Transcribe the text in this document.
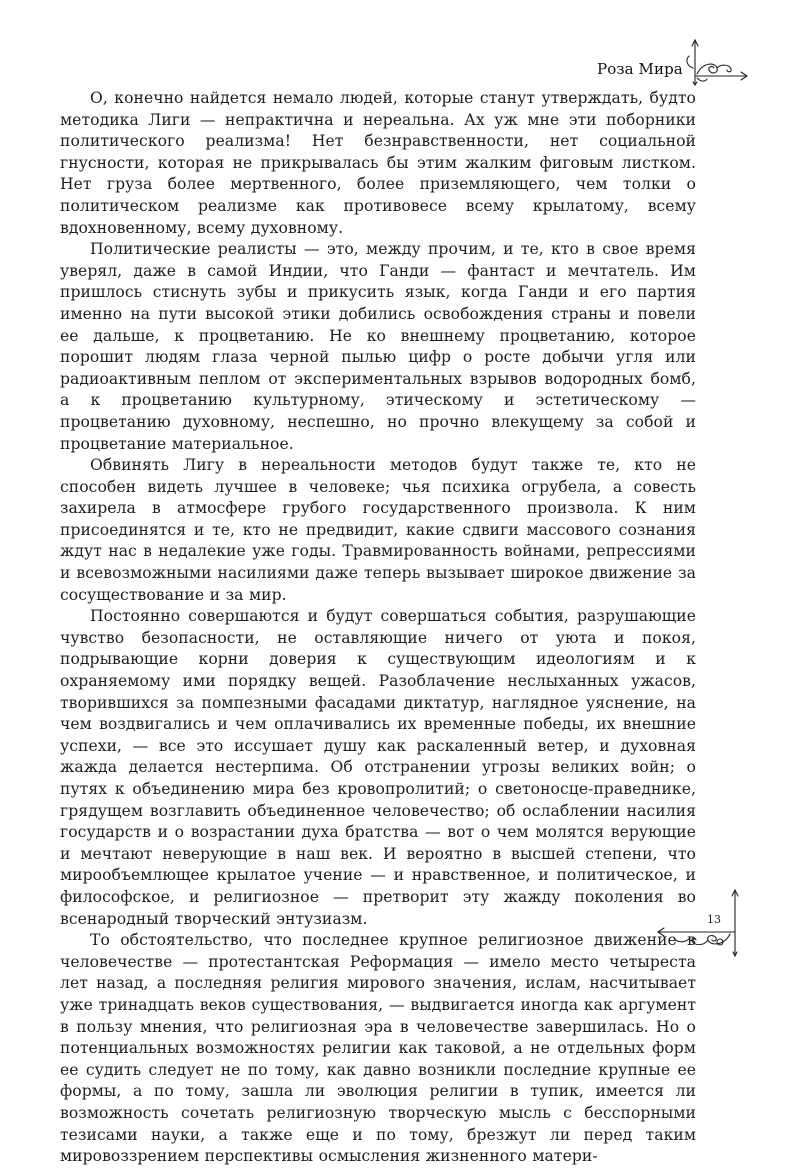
Роза Мира

О, конечно найдется немало людей, которые станут утверждать, будто методика Лиги — непрактична и нереальна. Ах уж мне эти поборники политического реализма! Нет безнравственности, нет социальной гнусности, которая не прикрывалась бы этим жалким фиговым листком. Нет груза более мертвенного, более приземляющего, чем толки о политическом реализме как противовесе всему крылатому, всему вдохновенному, всему духовному.

Политические реалисты — это, между прочим, и те, кто в свое время уверял, даже в самой Индии, что Ганди — фантаст и мечтатель. Им пришлось стиснуть зубы и прикусить язык, когда Ганди и его партия именно на пути высокой этики добились освобождения страны и повели ее дальше, к процветанию. Не ко внешнему процветанию, которое порошит людям глаза черной пылью цифр о росте добычи угля или радиоактивным пеплом от экспериментальных взрывов водородных бомб, а к процветанию культурному, этическому и эстетическому — процветанию духовному, неспешно, но прочно влекущему за собой и процветание материальное.

Обвинять Лигу в нереальности методов будут также те, кто не способен видеть лучшее в человеке; чья психика огрубела, а совесть захирела в атмосфере грубого государственного произвола. К ним присоединятся и те, кто не предвидит, какие сдвиги массового сознания ждут нас в недалекие уже годы. Травмированность войнами, репрессиями и всевозможными насилиями даже теперь вызывает широкое движение за сосуществование и за мир.

Постоянно совершаются и будут совершаться события, разрушающие чувство безопасности, не оставляющие ничего от уюта и покоя, подрывающие корни доверия к существующим идеологиям и к охраняемому ими порядку вещей. Разоблачение неслыханных ужасов, творившихся за помпезными фасадами диктатур, наглядное уяснение, на чем воздвигались и чем оплачивались их временные победы, их внешние успехи, — все это иссушает душу как раскаленный ветер, и духовная жажда делается нестерпима. Об отстранении угрозы великих войн; о путях к объединению мира без кровопролитий; о светоносце-праведнике, грядущем возглавить объединенное человечество; об ослаблении насилия государств и о возрастании духа братства — вот о чем молятся верующие и мечтают неверующие в наш век. И вероятно в высшей степени, что мирообъемлющее крылатое учение — и нравственное, и политическое, и философское, и религиозное — претворит эту жажду поколения во всенародный творческий энтузиазм.

То обстоятельство, что последнее крупное религиозное движение в человечестве — протестантская Реформация — имело место четыреста лет назад, а последняя религия мирового значения, ислам, насчитывает уже тринадцать веков существования, — выдвигается иногда как аргумент в пользу мнения, что религиозная эра в человечестве завершилась. Но о потенциальных возможностях религии как таковой, а не отдельных форм ее судить следует не по тому, как давно возникли последние крупные ее формы, а по тому, зашла ли эволюция религии в тупик, имеется ли возможность сочетать религиозную творческую мысль с бесспорными тезисами науки, а также еще и по тому, брезжут ли перед таким мировоззрением перспективы осмысления жизненного матери-

13
